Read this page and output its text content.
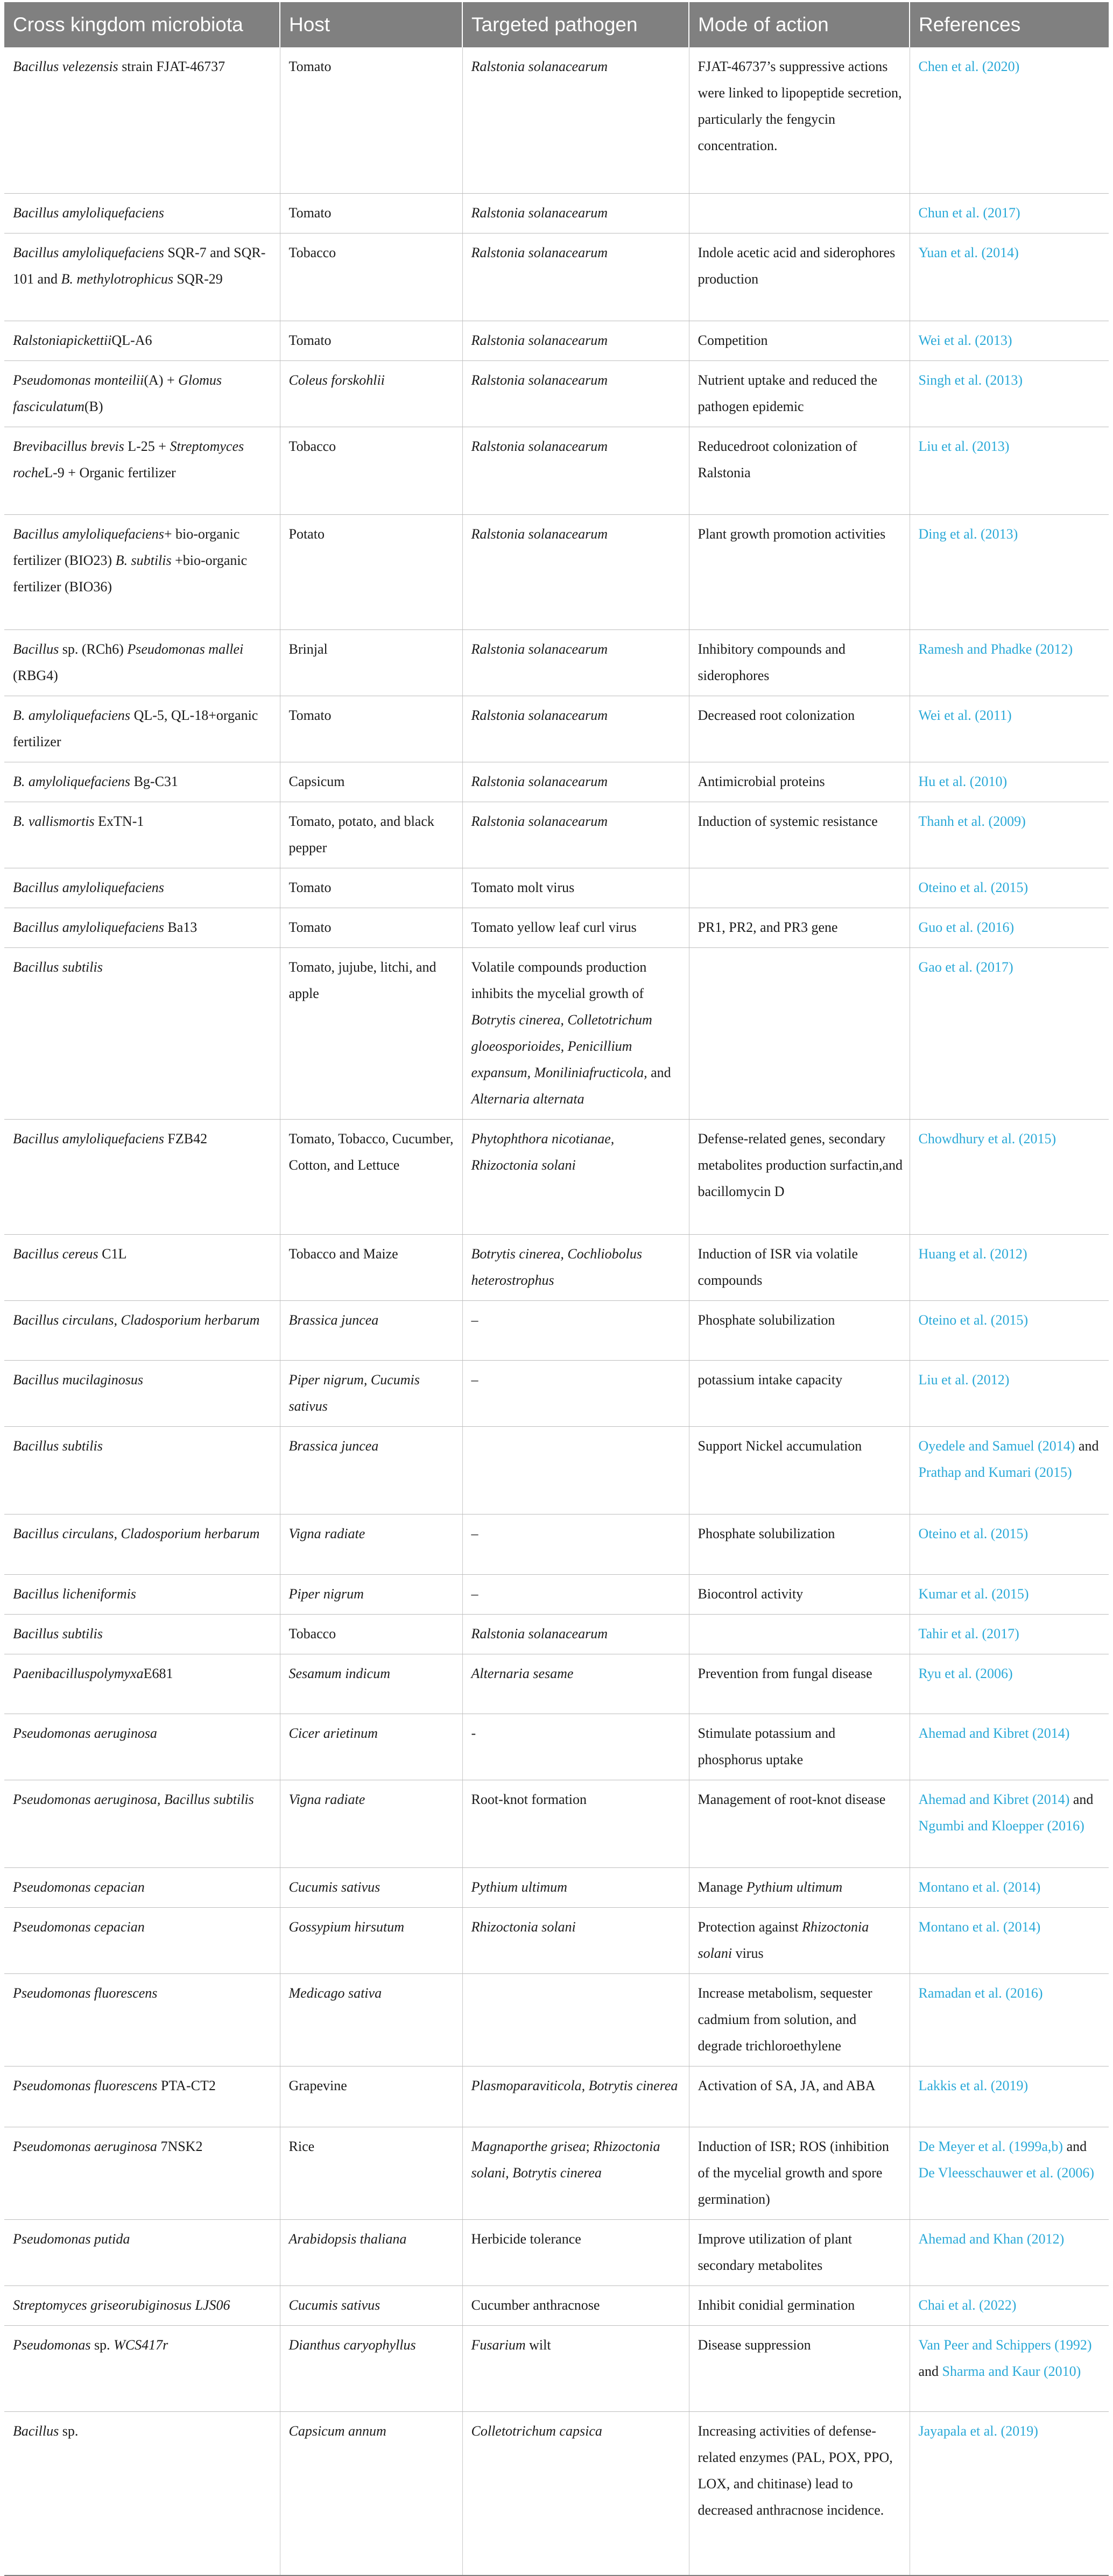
Cross kingdom microbiota	Host	Targeted pathogen	Mode of action	References
Bacillus velezensis strain FJAT-46737	Tomato	Ralstonia solanacearum	FJAT-46737’s suppressive actions were linked to lipopeptide secretion, particularly the fengycin concentration.	Chen et al. (2020)
Bacillus amyloliquefaciens	Tomato	Ralstonia solanacearum		Chun et al. (2017)
Bacillus amyloliquefaciens SQR-7 and SQR-101 and B. methylotrophicus SQR-29	Tobacco	Ralstonia solanacearum	Indole acetic acid and siderophores production	Yuan et al. (2014)
RalstoniapickettiiQL-A6	Tomato	Ralstonia solanacearum	Competition	Wei et al. (2013)
Pseudomonas monteilii(A) + Glomus fasciculatum(B)	Coleus forskohlii	Ralstonia solanacearum	Nutrient uptake and reduced the pathogen epidemic	Singh et al. (2013)
Brevibacillus brevis L-25 + Streptomyces rocheL-9 + Organic fertilizer	Tobacco	Ralstonia solanacearum	Reducedroot colonization of Ralstonia	Liu et al. (2013)
Bacillus amyloliquefaciens+ bio-organic fertilizer (BIO23) B. subtilis +bio-organic fertilizer (BIO36)	Potato	Ralstonia solanacearum	Plant growth promotion activities	Ding et al. (2013)
Bacillus sp. (RCh6) Pseudomonas mallei (RBG4)	Brinjal	Ralstonia solanacearum	Inhibitory compounds and siderophores	Ramesh and Phadke (2012)
B. amyloliquefaciens QL-5, QL-18+organic fertilizer	Tomato	Ralstonia solanacearum	Decreased root colonization	Wei et al. (2011)
B. amyloliquefaciens Bg-C31	Capsicum	Ralstonia solanacearum	Antimicrobial proteins	Hu et al. (2010)
B. vallismortis ExTN-1	Tomato, potato, and black pepper	Ralstonia solanacearum	Induction of systemic resistance	Thanh et al. (2009)
Bacillus amyloliquefaciens	Tomato	Tomato molt virus		Oteino et al. (2015)
Bacillus amyloliquefaciens Ba13	Tomato	Tomato yellow leaf curl virus	PR1, PR2, and PR3 gene	Guo et al. (2016)
Bacillus subtilis	Tomato, jujube, litchi, and apple	Volatile compounds production inhibits the mycelial growth of Botrytis cinerea, Colletotrichum gloeosporioides, Penicillium expansum, Moniliniafructicola, and Alternaria alternata		Gao et al. (2017)
Bacillus amyloliquefaciens FZB42	Tomato, Tobacco, Cucumber, Cotton, and Lettuce	Phytophthora nicotianae, Rhizoctonia solani	Defense-related genes, secondary metabolites production surfactin,and bacillomycin D	Chowdhury et al. (2015)
Bacillus cereus C1L	Tobacco and Maize	Botrytis cinerea, Cochliobolus heterostrophus	Induction of ISR via volatile compounds	Huang et al. (2012)
Bacillus circulans, Cladosporium herbarum	Brassica juncea	–	Phosphate solubilization	Oteino et al. (2015)
Bacillus mucilaginosus	Piper nigrum, Cucumis sativus	–	potassium intake capacity	Liu et al. (2012)
Bacillus subtilis	Brassica juncea		Support Nickel accumulation	Oyedele and Samuel (2014) and Prathap and Kumari (2015)
Bacillus circulans, Cladosporium herbarum	Vigna radiate	–	Phosphate solubilization	Oteino et al. (2015)
Bacillus licheniformis	Piper nigrum	–	Biocontrol activity	Kumar et al. (2015)
Bacillus subtilis	Tobacco	Ralstonia solanacearum		Tahir et al. (2017)
PaenibacilluspolymyxaE681	Sesamum indicum	Alternaria sesame	Prevention from fungal disease	Ryu et al. (2006)
Pseudomonas aeruginosa	Cicer arietinum	-	Stimulate potassium and phosphorus uptake	Ahemad and Kibret (2014)
Pseudomonas aeruginosa, Bacillus subtilis	Vigna radiate	Root-knot formation	Management of root-knot disease	Ahemad and Kibret (2014) and Ngumbi and Kloepper (2016)
Pseudomonas cepacian	Cucumis sativus	Pythium ultimum	Manage Pythium ultimum	Montano et al. (2014)
Pseudomonas cepacian	Gossypium hirsutum	Rhizoctonia solani	Protection against Rhizoctonia solani virus	Montano et al. (2014)
Pseudomonas fluorescens	Medicago sativa		Increase metabolism, sequester cadmium from solution, and degrade trichloroethylene	Ramadan et al. (2016)
Pseudomonas fluorescens PTA-CT2	Grapevine	Plasmoparaviticola, Botrytis cinerea	Activation of SA, JA, and ABA	Lakkis et al. (2019)
Pseudomonas aeruginosa 7NSK2	Rice	Magnaporthe grisea; Rhizoctonia solani, Botrytis cinerea	Induction of ISR; ROS (inhibition of the mycelial growth and spore germination)	De Meyer et al. (1999a,b) and De Vleesschauwer et al. (2006)
Pseudomonas putida	Arabidopsis thaliana	Herbicide tolerance	Improve utilization of plant secondary metabolites	Ahemad and Khan (2012)
Streptomyces griseorubiginosus LJS06	Cucumis sativus	Cucumber anthracnose	Inhibit conidial germination	Chai et al. (2022)
Pseudomonas sp. WCS417r	Dianthus caryophyllus	Fusarium wilt	Disease suppression	Van Peer and Schippers (1992) and Sharma and Kaur (2010)
Bacillus sp.	Capsicum annum	Colletotrichum capsica	Increasing activities of defense-related enzymes (PAL, POX, PPO, LOX, and chitinase) lead to decreased anthracnose incidence.	Jayapala et al. (2019)
